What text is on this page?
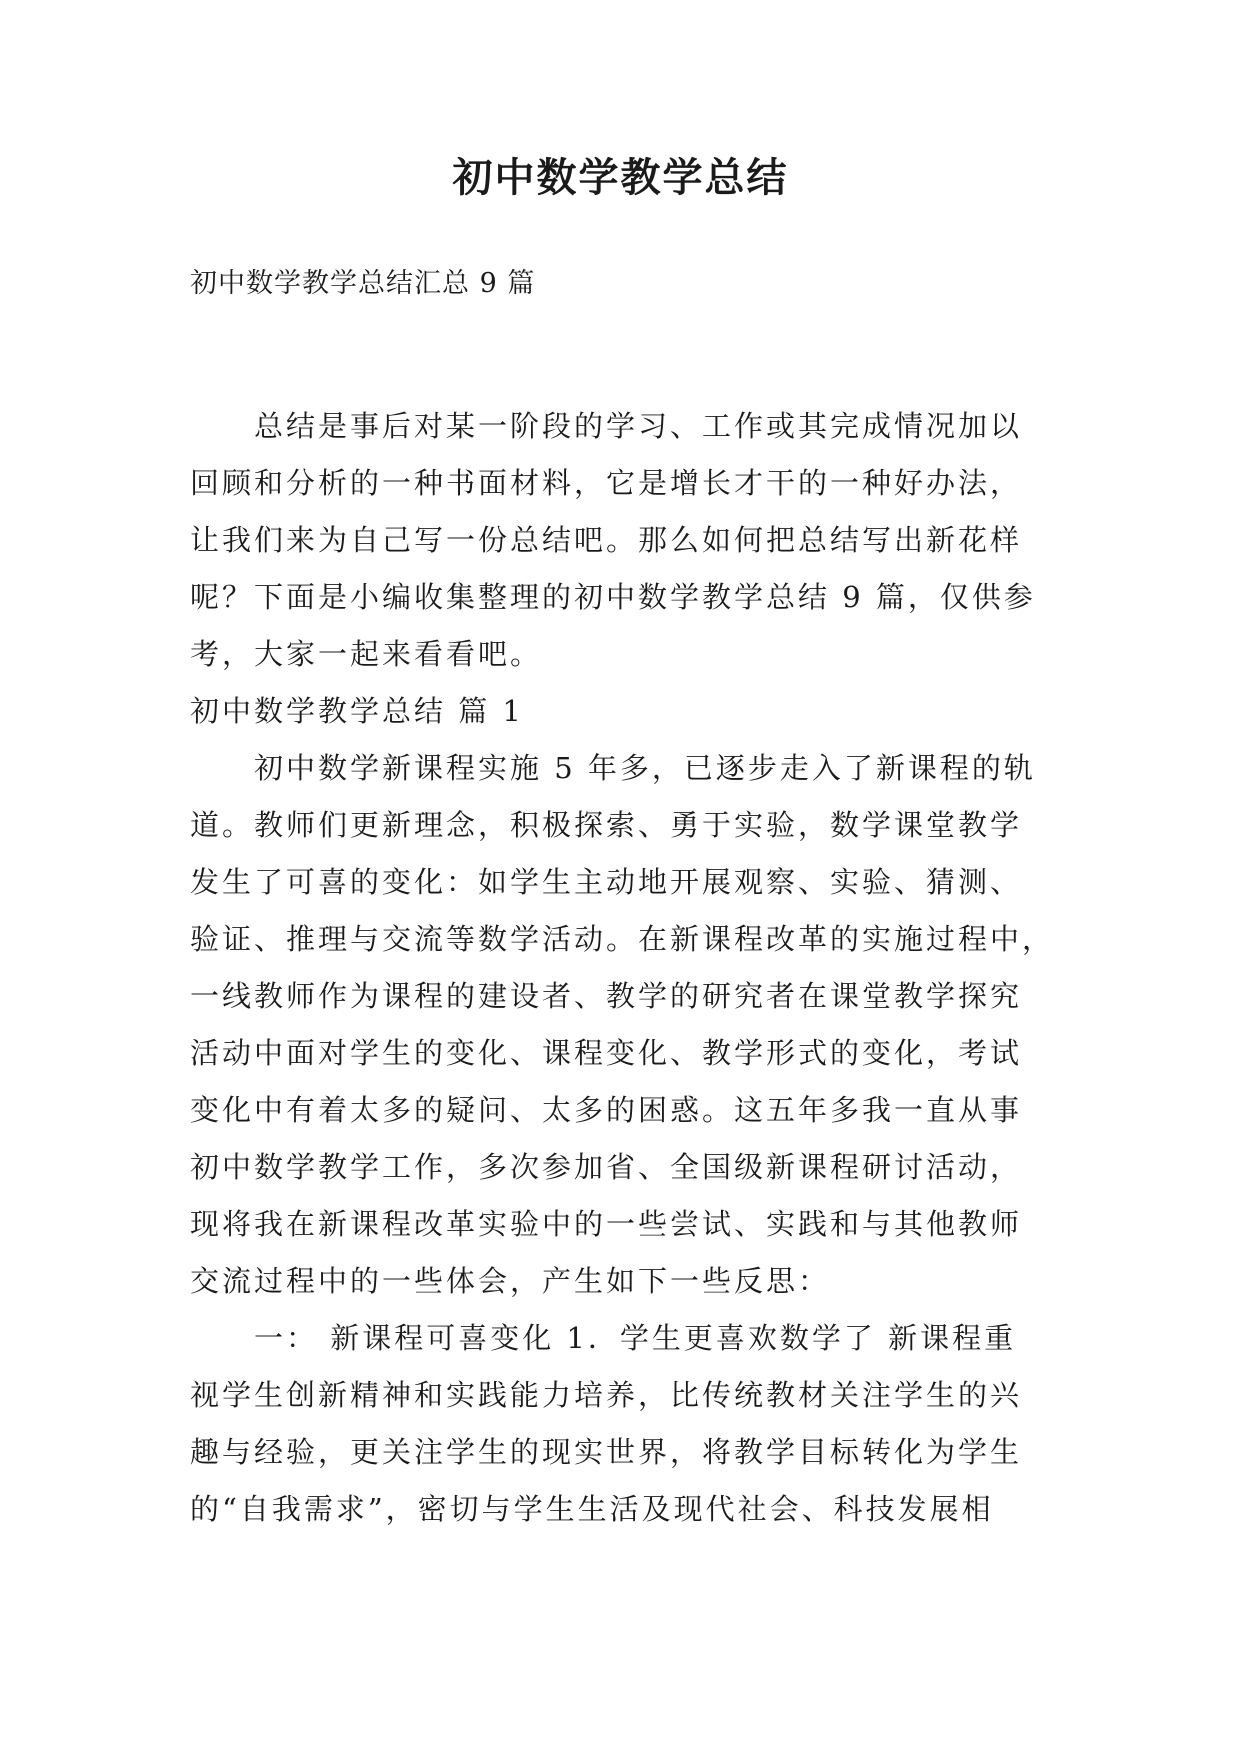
初中数学教学总结
初中数学教学总结汇总 9 篇
总结是事后对某一阶段的学习、工作或其完成情况加以
回顾和分析的一种书面材料，它是增长才干的一种好办法，
让我们来为自己写一份总结吧。那么如何把总结写出新花样
呢？下面是小编收集整理的初中数学教学总结 9 篇，仅供参
考，大家一起来看看吧。
初中数学教学总结 篇 1
初中数学新课程实施 5 年多，已逐步走入了新课程的轨
道。教师们更新理念，积极探索、勇于实验，数学课堂教学
发生了可喜的变化：如学生主动地开展观察、实验、猜测、
验证、推理与交流等数学活动。在新课程改革的实施过程中，
一线教师作为课程的建设者、教学的研究者在课堂教学探究
活动中面对学生的变化、课程变化、教学形式的变化，考试
变化中有着太多的疑问、太多的困惑。这五年多我一直从事
初中数学教学工作，多次参加省、全国级新课程研讨活动，
现将我在新课程改革实验中的一些尝试、实践和与其他教师
交流过程中的一些体会，产生如下一些反思：
一： 新课程可喜变化 1．学生更喜欢数学了 新课程重
视学生创新精神和实践能力培养，比传统教材关注学生的兴
趣与经验，更关注学生的现实世界，将教学目标转化为学生
的“自我需求”，密切与学生生活及现代社会、科技发展相
